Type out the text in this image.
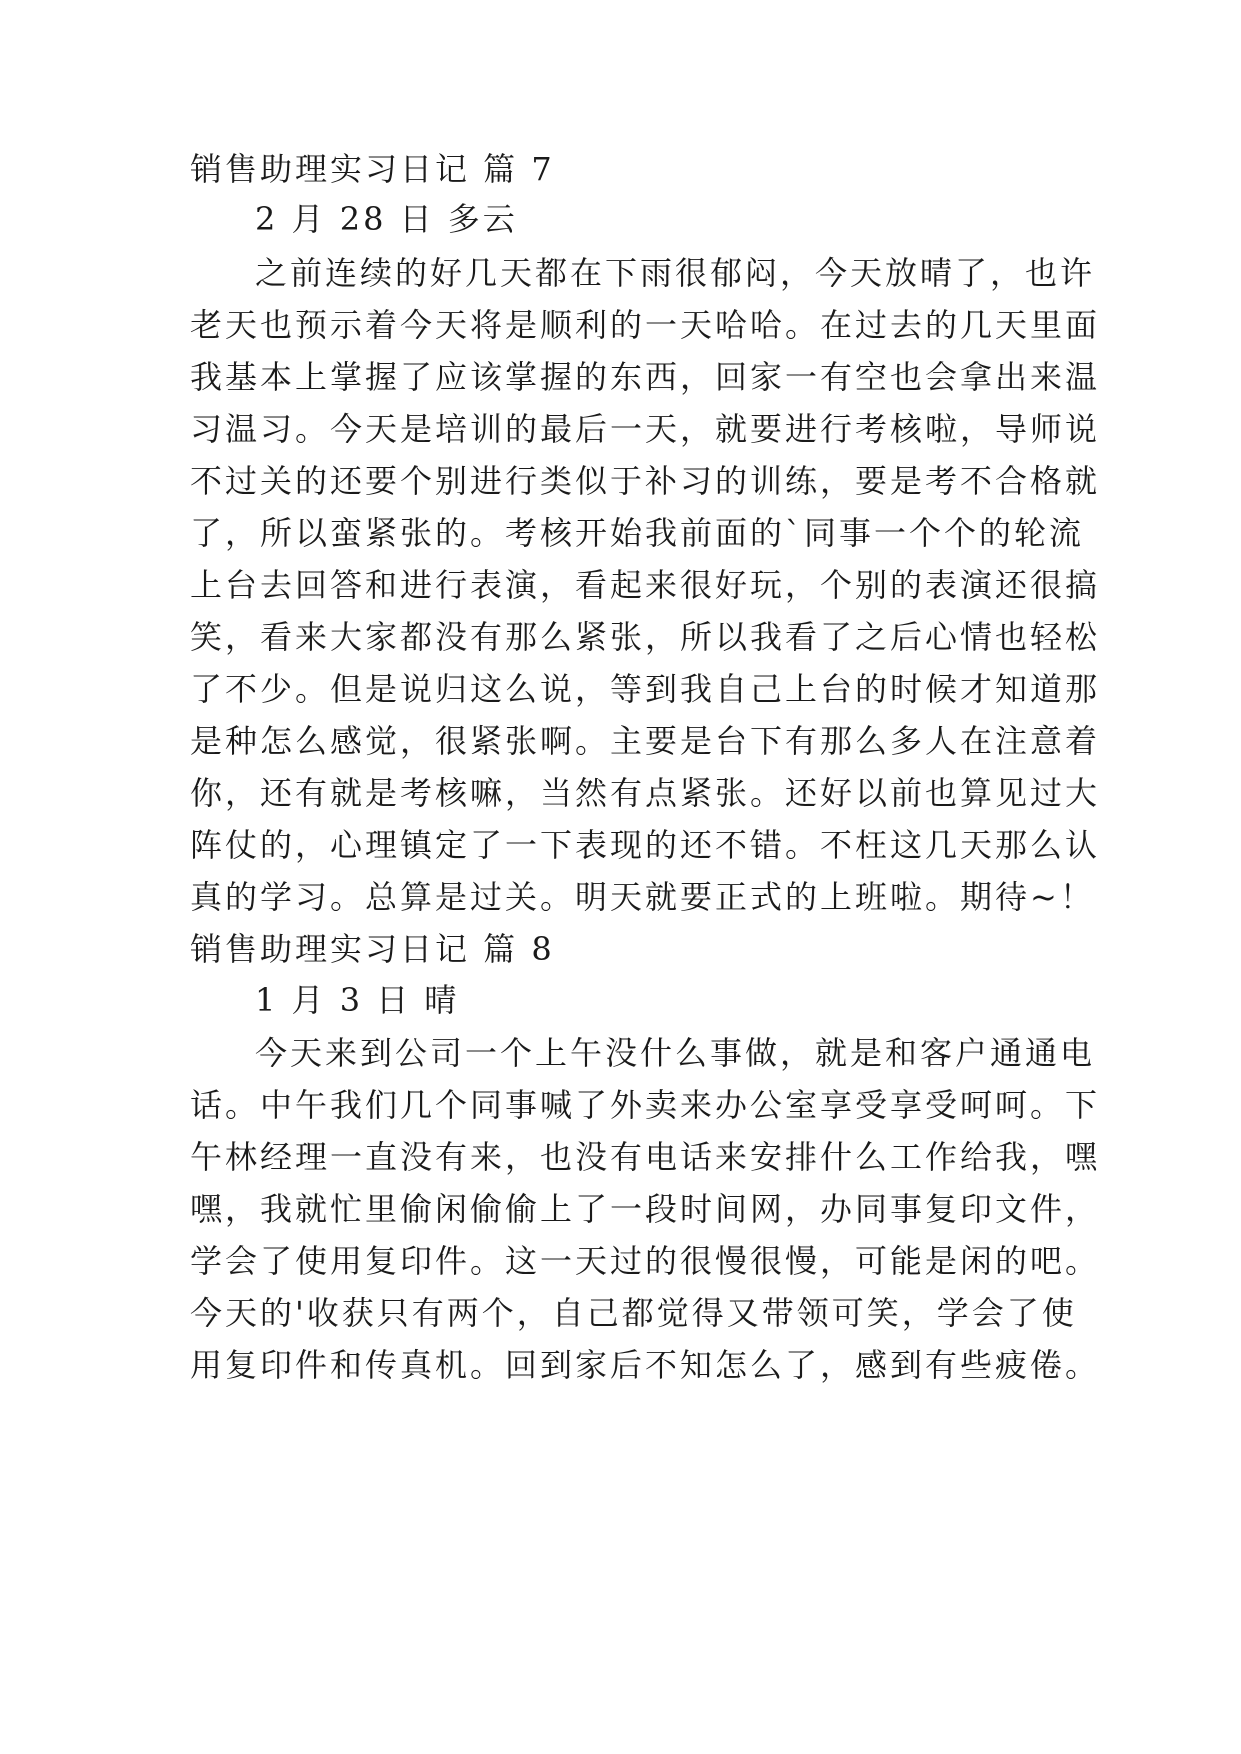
销售助理实习日记 篇 7
2 月 28 日 多云
之前连续的好几天都在下雨很郁闷，今天放晴了，也许
老天也预示着今天将是顺利的一天哈哈。在过去的几天里面
我基本上掌握了应该掌握的东西，回家一有空也会拿出来温
习温习。今天是培训的最后一天，就要进行考核啦，导师说
不过关的还要个别进行类似于补习的训练，要是考不合格就
了，所以蛮紧张的。考核开始我前面的`同事一个个的轮流
上台去回答和进行表演，看起来很好玩，个别的表演还很搞
笑，看来大家都没有那么紧张，所以我看了之后心情也轻松
了不少。但是说归这么说，等到我自己上台的时候才知道那
是种怎么感觉，很紧张啊。主要是台下有那么多人在注意着
你，还有就是考核嘛，当然有点紧张。还好以前也算见过大
阵仗的，心理镇定了一下表现的还不错。不枉这几天那么认
真的学习。总算是过关。明天就要正式的上班啦。期待~！
销售助理实习日记 篇 8
1 月 3 日 晴
今天来到公司一个上午没什么事做，就是和客户通通电
话。中午我们几个同事喊了外卖来办公室享受享受呵呵。下
午林经理一直没有来，也没有电话来安排什么工作给我，嘿
嘿，我就忙里偷闲偷偷上了一段时间网，办同事复印文件，
学会了使用复印件。这一天过的很慢很慢，可能是闲的吧。
今天的'收获只有两个，自己都觉得又带领可笑，学会了使
用复印件和传真机。回到家后不知怎么了，感到有些疲倦。
